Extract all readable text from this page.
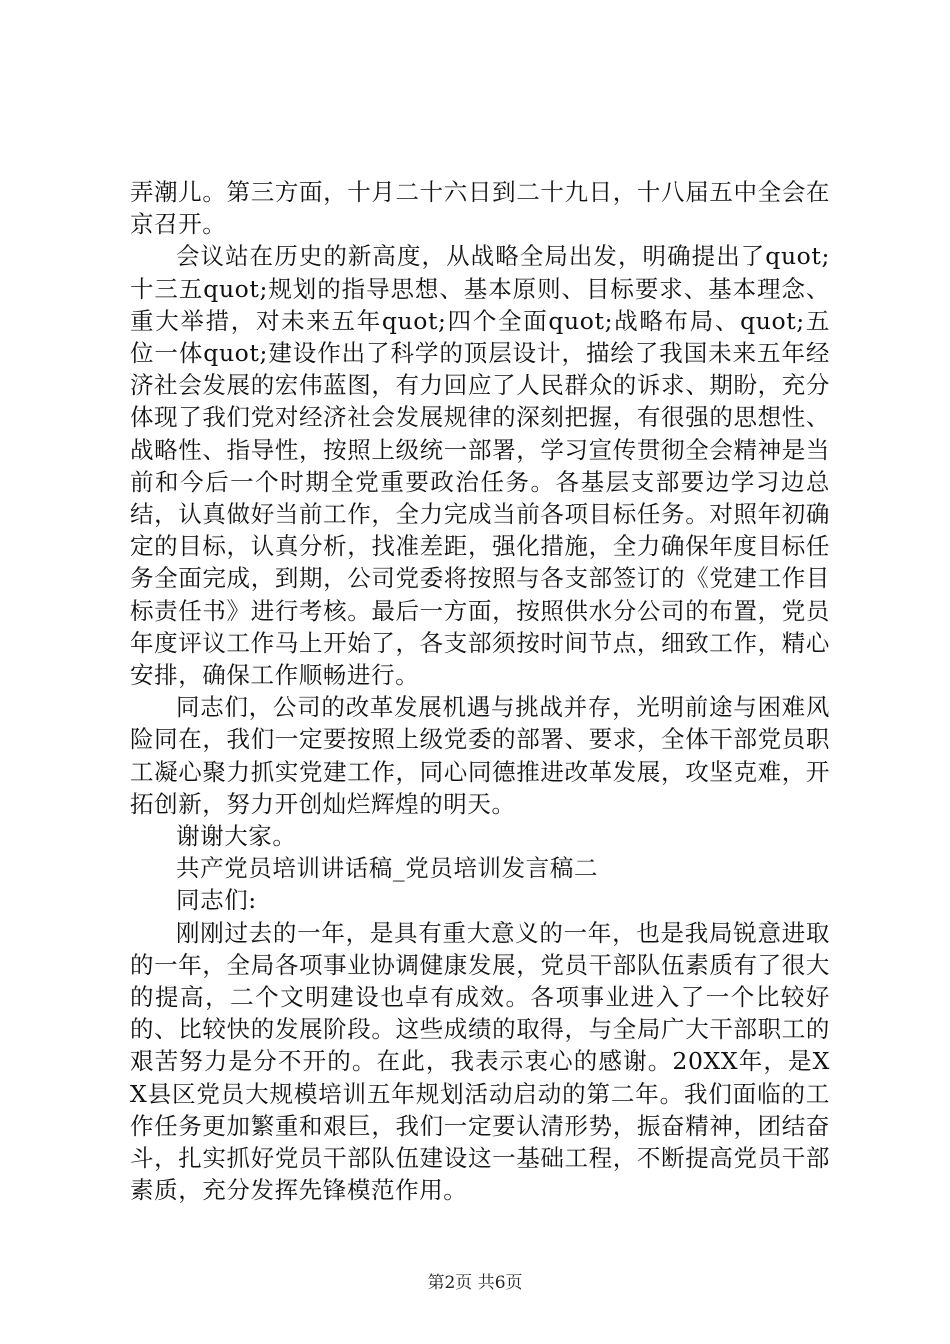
弄潮儿。第三方面，十月二十六日到二十九日，十八届五中全会在京召开。

会议站在历史的新高度，从战略全局出发，明确提出了quot;十三五quot;规划的指导思想、基本原则、目标要求、基本理念、重大举措，对未来五年quot;四个全面quot;战略布局、quot;五位一体quot;建设作出了科学的顶层设计，描绘了我国未来五年经济社会发展的宏伟蓝图，有力回应了人民群众的诉求、期盼，充分体现了我们党对经济社会发展规律的深刻把握，有很强的思想性、战略性、指导性，按照上级统一部署，学习宣传贯彻全会精神是当前和今后一个时期全党重要政治任务。各基层支部要边学习边总结，认真做好当前工作，全力完成当前各项目标任务。对照年初确定的目标，认真分析，找准差距，强化措施，全力确保年度目标任务全面完成，到期，公司党委将按照与各支部签订的《党建工作目标责任书》进行考核。最后一方面，按照供水分公司的布置，党员年度评议工作马上开始了，各支部须按时间节点，细致工作，精心安排，确保工作顺畅进行。

同志们，公司的改革发展机遇与挑战并存，光明前途与困难风险同在，我们一定要按照上级党委的部署、要求，全体干部党员职工凝心聚力抓实党建工作，同心同德推进改革发展，攻坚克难，开拓创新，努力开创灿烂辉煌的明天。

谢谢大家。

共产党员培训讲话稿_党员培训发言稿二

同志们:

刚刚过去的一年，是具有重大意义的一年，也是我局锐意进取的一年，全局各项事业协调健康发展，党员干部队伍素质有了很大的提高，二个文明建设也卓有成效。各项事业进入了一个比较好的、比较快的发展阶段。这些成绩的取得，与全局广大干部职工的艰苦努力是分不开的。在此，我表示衷心的感谢。20XX年，是XX县区党员大规模培训五年规划活动启动的第二年。我们面临的工作任务更加繁重和艰巨，我们一定要认清形势，振奋精神，团结奋斗，扎实抓好党员干部队伍建设这一基础工程，不断提高党员干部素质，充分发挥先锋模范作用。

第2页 共6页
